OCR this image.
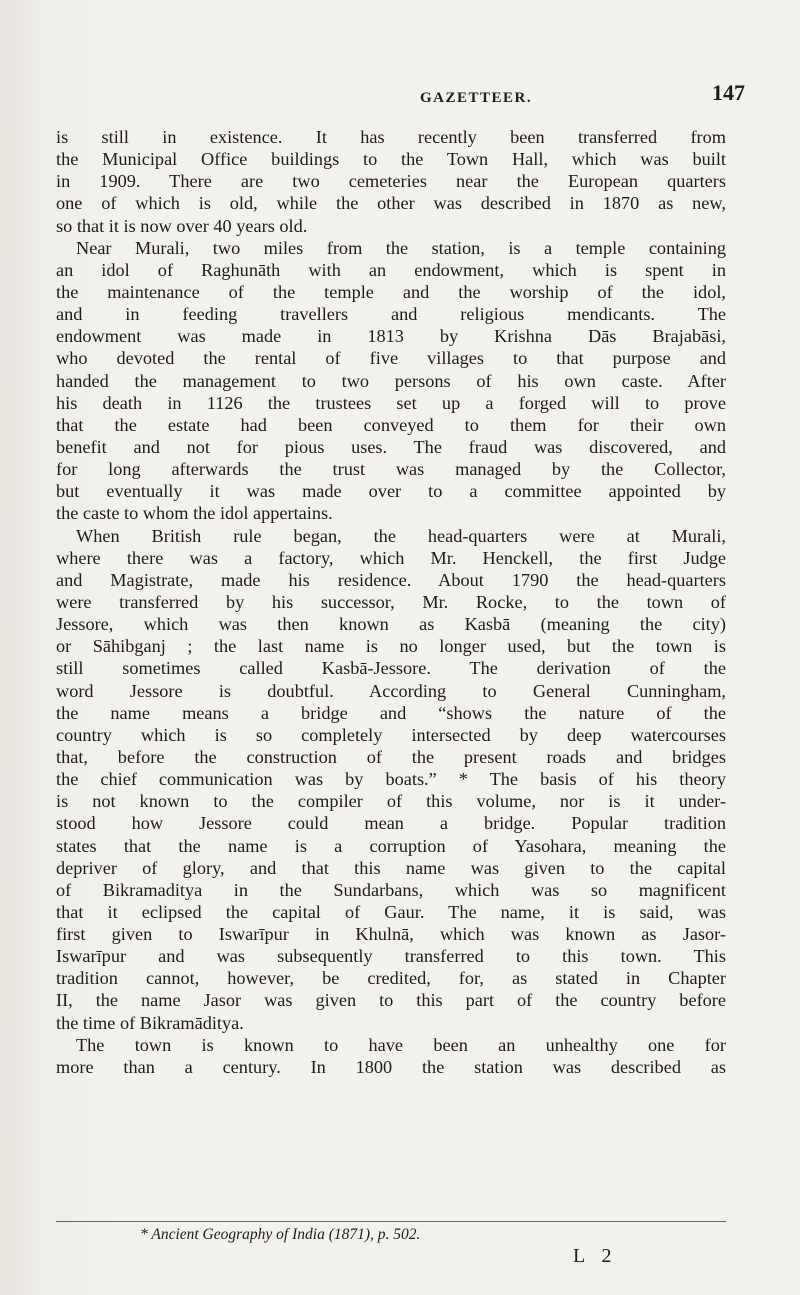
GAZETTEER.	147
is still in existence. It has recently been transferred from
the Municipal Office buildings to the Town Hall, which was built
in 1909. There are two cemeteries near the European quarters
one of which is old, while the other was described in 1870 as new,
so that it is now over 40 years old.
Near Murali, two miles from the station, is a temple containing
an idol of Raghunāth with an endowment, which is spent in
the maintenance of the temple and the worship of the idol,
and in feeding travellers and religious mendicants. The
endowment was made in 1813 by Krishna Dās Brajabāsi,
who devoted the rental of five villages to that purpose and
handed the management to two persons of his own caste. After
his death in 1126 the trustees set up a forged will to prove
that the estate had been conveyed to them for their own
benefit and not for pious uses. The fraud was discovered, and
for long afterwards the trust was managed by the Collector,
but eventually it was made over to a committee appointed by
the caste to whom the idol appertains.
When British rule began, the head-quarters were at Murali,
where there was a factory, which Mr. Henckell, the first Judge
and Magistrate, made his residence. About 1790 the head-quarters
were transferred by his successor, Mr. Rocke, to the town of
Jessore, which was then known as Kasbā (meaning the city)
or Sāhibganj ; the last name is no longer used, but the town is
still sometimes called Kasbā-Jessore. The derivation of the
word Jessore is doubtful. According to General Cunningham,
the name means a bridge and “shows the nature of the
country which is so completely intersected by deep watercourses
that, before the construction of the present roads and bridges
the chief communication was by boats.” * The basis of his theory
is not known to the compiler of this volume, nor is it under-
stood how Jessore could mean a bridge. Popular tradition
states that the name is a corruption of Yasohara, meaning the
depriver of glory, and that this name was given to the capital
of Bikramaditya in the Sundarbans, which was so magnificent
that it eclipsed the capital of Gaur. The name, it is said, was
first given to Iswarīpur in Khulnā, which was known as Jasor-
Iswarīpur and was subsequently transferred to this town. This
tradition cannot, however, be credited, for, as stated in Chapter
II, the name Jasor was given to this part of the country before
the time of Bikramāditya.
The town is known to have been an unhealthy one for
more than a century. In 1800 the station was described as
* Ancient Geography of India (1871), p. 502.
L 2
